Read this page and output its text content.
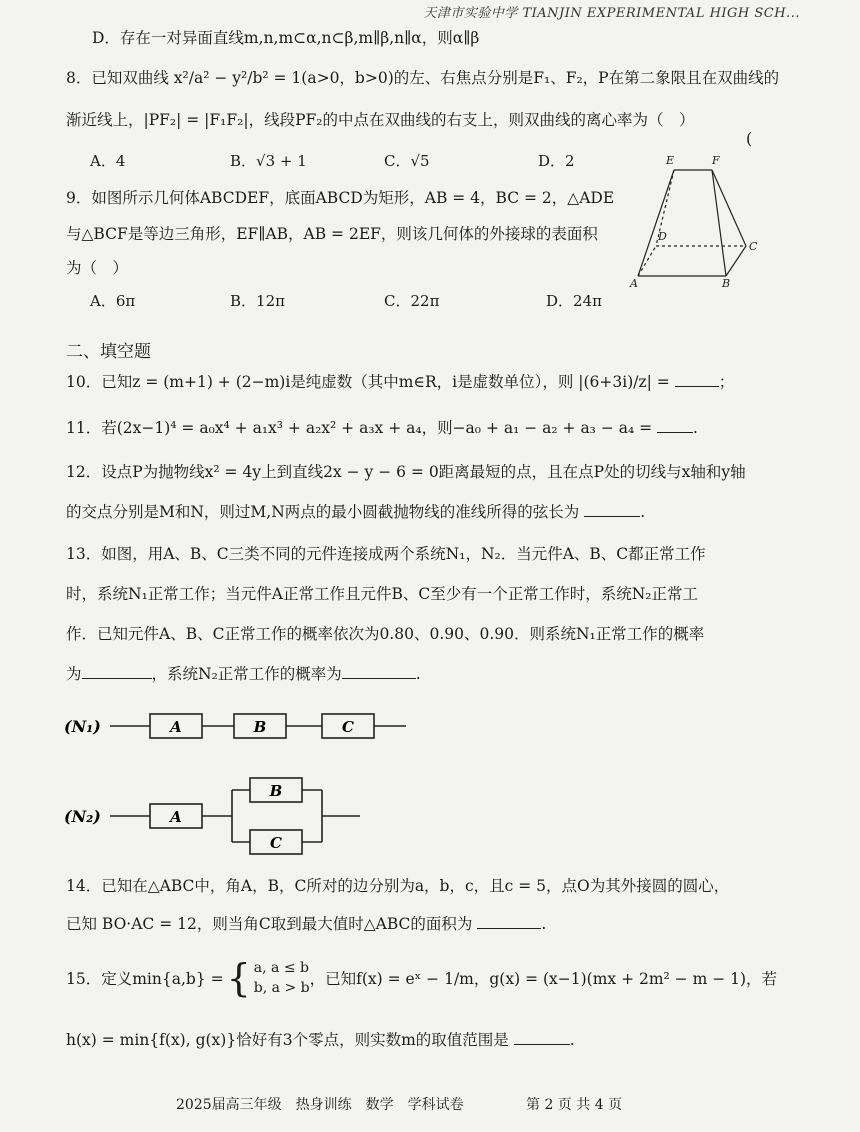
天津市实验中学 TIANJIN EXPERIMENTAL HIGH SCH...
D．存在一对异面直线m,n,m⊂α,n⊂β,m∥β,n∥α，则α∥β
8．已知双曲线 x²/a² − y²/b² = 1(a>0，b>0)的左、右焦点分别是F₁、F₂，P在第二象限且在双曲线的
渐近线上，|PF₂| = |F₁F₂|，线段PF₂的中点在双曲线的右支上，则双曲线的离心率为（　）
(
A．4	B．√3 + 1	C．√5	D．2
9．如图所示几何体ABCDEF，底面ABCD为矩形，AB = 4，BC = 2，△ADE
与△BCF是等边三角形，EF∥AB，AB = 2EF，则该几何体的外接球的表面积
为（　）
A．6π	B．12π	C．22π	D．24π
E	F
D
C
A	B
二、填空题
10．已知z = (m+1) + (2−m)i是纯虚数（其中m∈R，i是虚数单位），则 |(6+3i)/z| =	；
11．若(2x−1)⁴ = a₀x⁴ + a₁x³ + a₂x² + a₃x + a₄，则−a₀ + a₁ − a₂ + a₃ − a₄ =	.
12．设点P为抛物线x² = 4y上到直线2x − y − 6 = 0距离最短的点，且在点P处的切线与x轴和y轴
的交点分别是M和N，则过M,N两点的最小圆截抛物线的准线所得的弦长为	.
13．如图，用A、B、C三类不同的元件连接成两个系统N₁，N₂．当元件A、B、C都正常工作
时，系统N₁正常工作；当元件A正常工作且元件B、C至少有一个正常工作时，系统N₂正常工
作．已知元件A、B、C正常工作的概率依次为0.80、0.90、0.90．则系统N₁正常工作的概率
为	，系统N₂正常工作的概率为	.
(N₁)	A	B	C
(N₂)	A
B
C
14．已知在△ABC中，角A，B，C所对的边分别为a，b，c，且c = 5，点O为其外接圆的圆心，
已知 BO·AC = 12，则当角C取到最大值时△ABC的面积为	.
15．定义min{a,b} = { a, a ≤ b
b, a > b ，已知f(x) = eˣ − 1/m，g(x) = (x−1)(mx + 2m² − m − 1)，若
h(x) = min{f(x), g(x)}恰好有3个零点，则实数m的取值范围是	.
2025届高三年级　热身训练　数学　学科试卷	第 2 页 共 4 页
